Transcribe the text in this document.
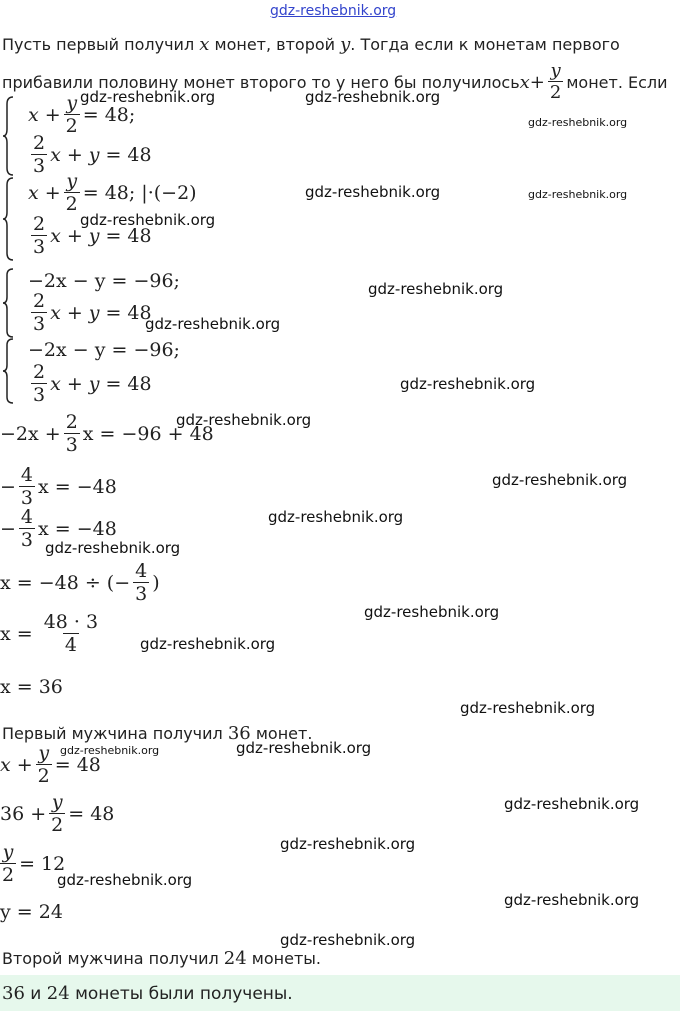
gdz-reshebnik.org
Пусть первый получил x монет, второй y. Тогда если к монетам первого
прибавили половину монет второго то у него бы получилось $x + \frac{y}{2}$ монет. Если
$x + \frac{y}{2} = 48$;
$\frac{2}{3}$ x + y = 48
$x + \frac{y}{2} = 48$; |·(−2)
$\frac{2}{3}$ x + y = 48
−2x − y = −96;
$\frac{2}{3}$ x + y = 48
−2x − y = −96;
$\frac{2}{3}$ x + y = 48
$-2x + \frac{2}{3}$ x = −96 + 48
− $\frac{4}{3}$ x = −48
− $\frac{4}{3}$ x = −48
x = −48 ÷ (− $\frac{4}{3}$ )
$x = \frac{48 \cdot 3}{4}$
x = 36
Первый мужчина получил 36 монет.
$x + \frac{y}{2} = 48$
$36 + \frac{y}{2} = 48$
$\frac{y}{2} = 12$
y = 24
Второй мужчина получил 24 монеты.
36 и 24 монеты были получены.
gdz-reshebnik.org	gdz-reshebnik.org
gdz-reshebnik.org
gdz-reshebnik.org	gdz-reshebnik.org
gdz-reshebnik.org
gdz-reshebnik.org
gdz-reshebnik.org
gdz-reshebnik.org
gdz-reshebnik.org
gdz-reshebnik.org
gdz-reshebnik.org
gdz-reshebnik.org
gdz-reshebnik.org
gdz-reshebnik.org
gdz-reshebnik.org
gdz-reshebnik.org	gdz-reshebnik.org
gdz-reshebnik.org
gdz-reshebnik.org
gdz-reshebnik.org
gdz-reshebnik.org
gdz-reshebnik.org
